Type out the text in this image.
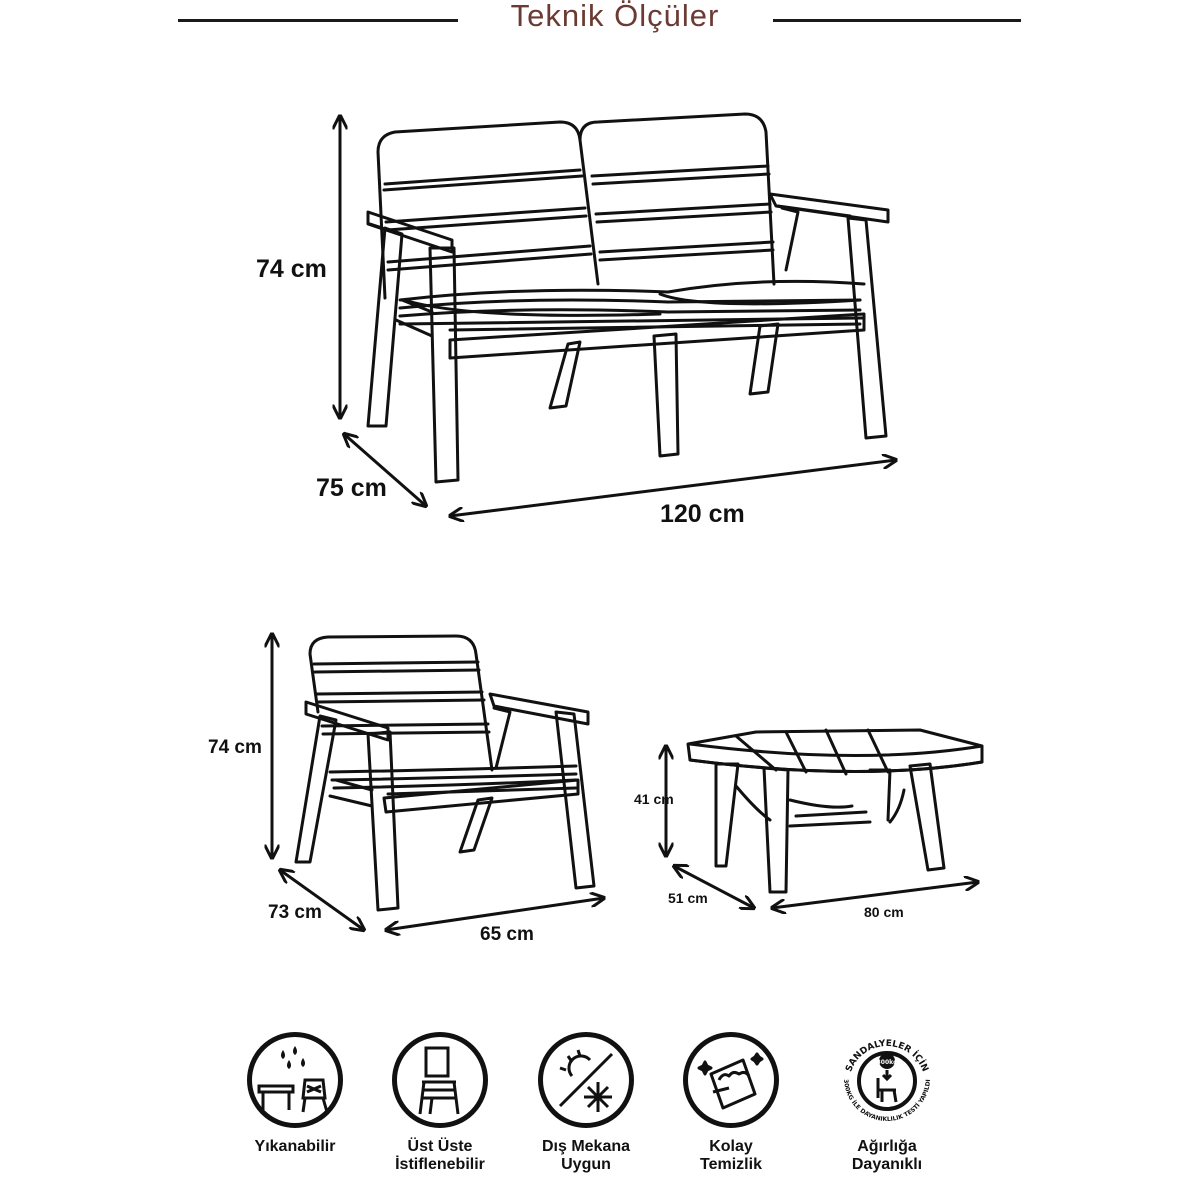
Teknik Ölçüler
74 cm
75 cm
120 cm
74 cm
73 cm
65 cm
41 cm
51 cm
80 cm
Yıkanabilir	Üst Üste
İstiflenebilir
Dış Mekana
Uygun
Kolay
Temizlik
SANDALYELER İÇİN
300KG İLE DAYANIKLILIK TESTİ YAPILDI
300kg
Ağırlığa
Dayanıklı
